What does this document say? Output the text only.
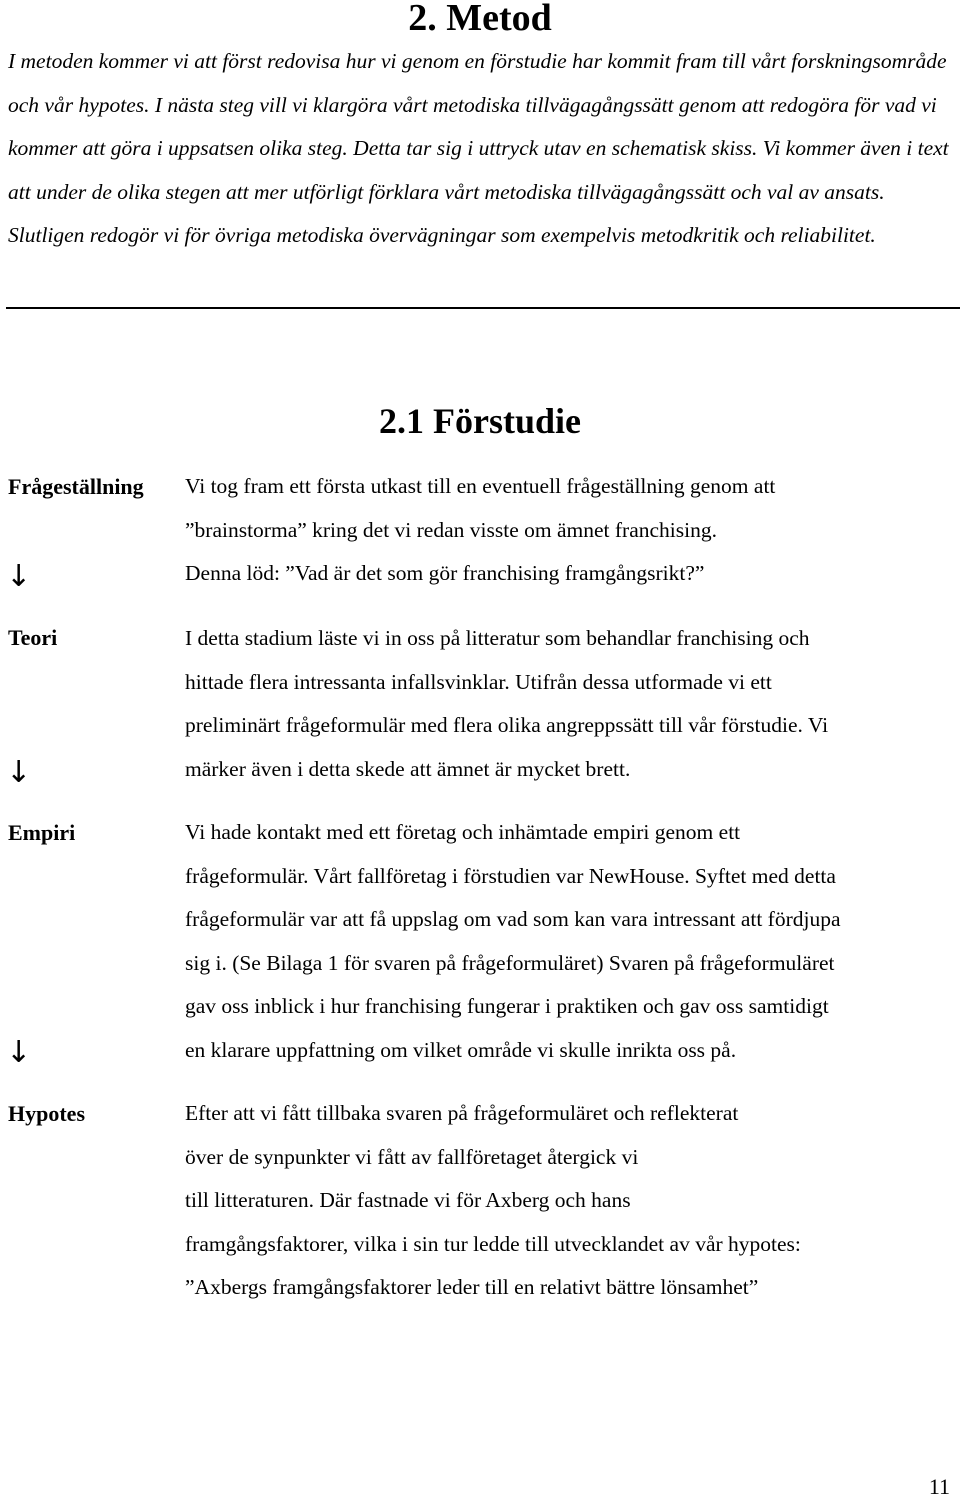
2. Metod

I metoden kommer vi att först redovisa hur vi genom en förstudie har kommit fram till vårt forskningsområde och vår hypotes. I nästa steg vill vi klargöra vårt metodiska tillvägagångssätt genom att redogöra för vad vi kommer att göra i uppsatsen olika steg. Detta tar sig i uttryck utav en schematisk skiss. Vi kommer även i text att under de olika stegen att mer utförligt förklara vårt metodiska tillvägagångssätt och val av ansats. Slutligen redogör vi för övriga metodiska övervägningar som exempelvis metodkritik och reliabilitet.

2.1 Förstudie
Frågeställning
Teori
Empiri
Hypotes
↓
↓
↓
Vi tog fram ett första utkast till en eventuell frågeställning genom att
”brainstorma” kring det vi redan visste om ämnet franchising.
Denna löd: ”Vad är det som gör franchising framgångsrikt?”
I detta stadium läste vi in oss på litteratur som behandlar franchising och
hittade flera intressanta infallsvinklar. Utifrån dessa utformade vi ett
preliminärt frågeformulär med flera olika angreppssätt till vår förstudie. Vi
märker även i detta skede att ämnet är mycket brett.
Vi hade kontakt med ett företag och inhämtade empiri genom ett
frågeformulär. Vårt fallföretag i förstudien var NewHouse. Syftet med detta
frågeformulär var att få uppslag om vad som kan vara intressant att fördjupa
sig i. (Se Bilaga 1 för svaren på frågeformuläret) Svaren på frågeformuläret
gav oss inblick i hur franchising fungerar i praktiken och gav oss samtidigt
en klarare uppfattning om vilket område vi skulle inrikta oss på.
Efter att vi fått tillbaka svaren på frågeformuläret och reflekterat
över de synpunkter vi fått av fallföretaget återgick vi
till litteraturen. Där fastnade vi för Axberg och hans
framgångsfaktorer, vilka i sin tur ledde till utvecklandet av vår hypotes:
”Axbergs framgångsfaktorer leder till en relativt bättre lönsamhet”
11
